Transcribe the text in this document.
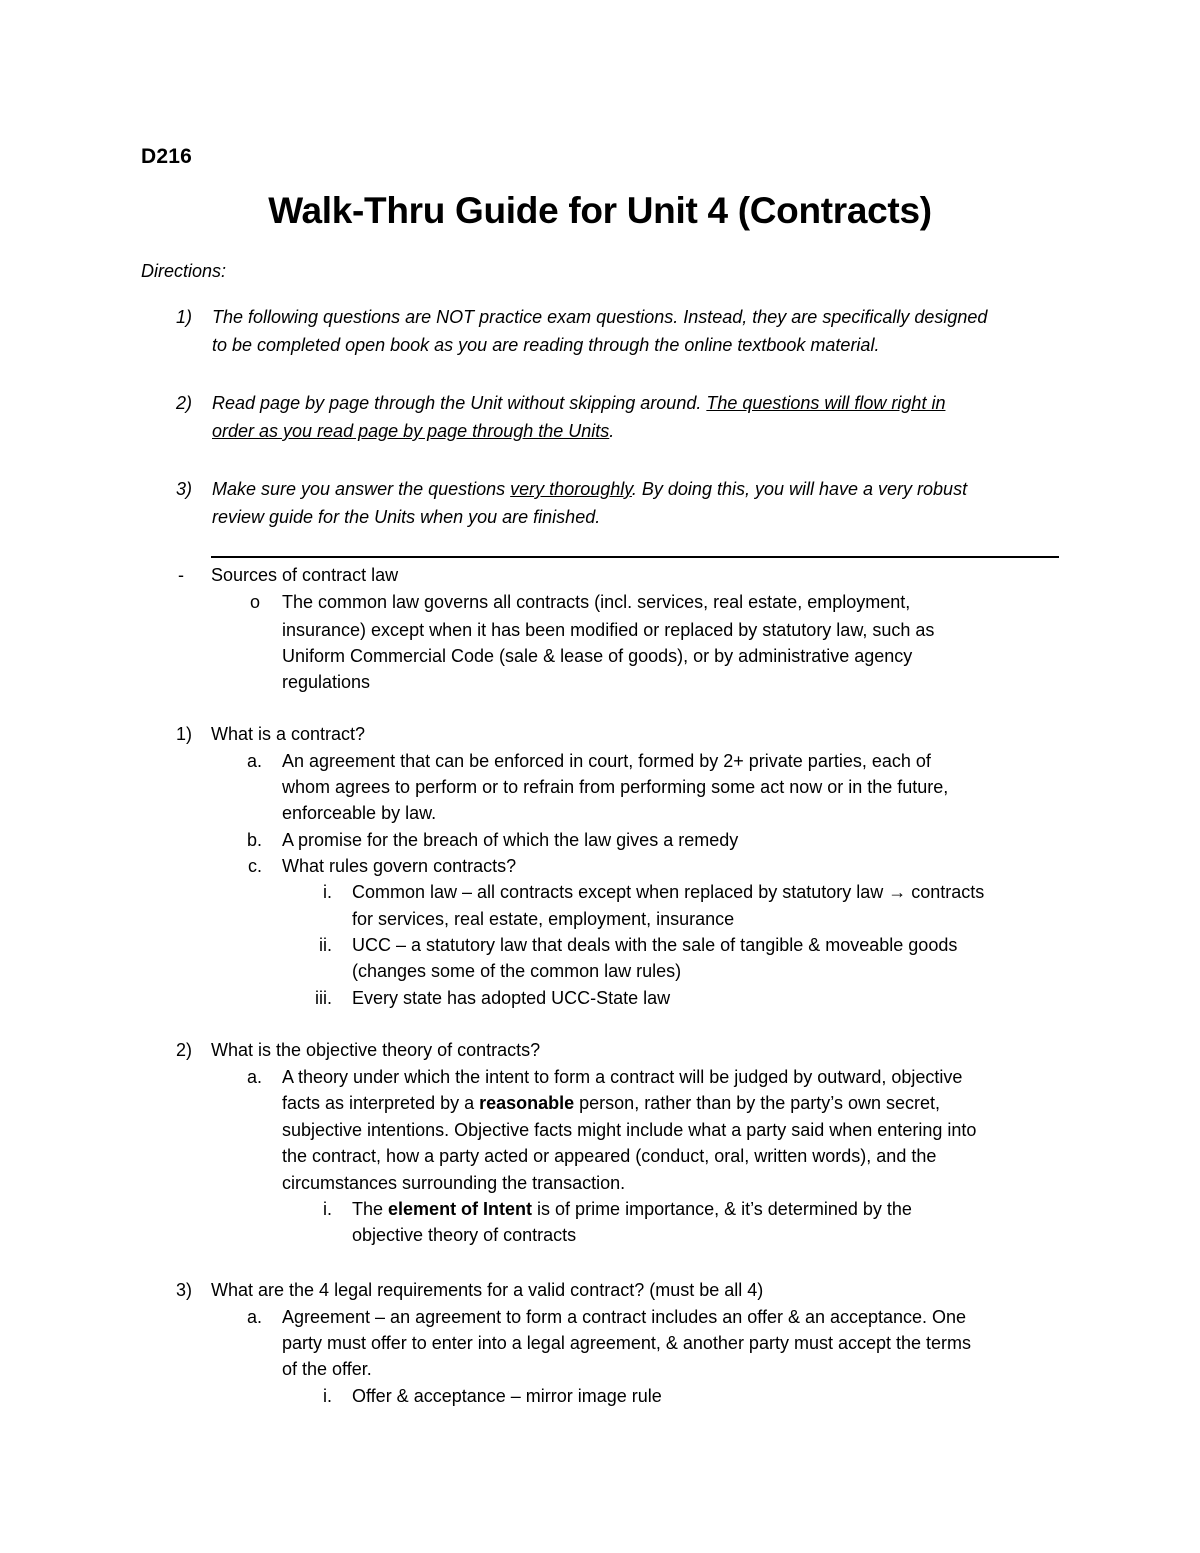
D216
Walk-Thru Guide for Unit 4 (Contracts)
Directions:
1) The following questions are NOT practice exam questions. Instead, they are specifically designed
to be completed open book as you are reading through the online textbook material.
2) Read page by page through the Unit without skipping around. The questions will flow right in
order as you read page by page through the Units.
3) Make sure you answer the questions very thoroughly. By doing this, you will have a very robust
review guide for the Units when you are finished.
- Sources of contract law
o The common law governs all contracts (incl. services, real estate, employment,
insurance) except when it has been modified or replaced by statutory law, such as
Uniform Commercial Code (sale & lease of goods), or by administrative agency
regulations
1) What is a contract?
a. An agreement that can be enforced in court, formed by 2+ private parties, each of
whom agrees to perform or to refrain from performing some act now or in the future,
enforceable by law.
b. A promise for the breach of which the law gives a remedy
c. What rules govern contracts?
i. Common law – all contracts except when replaced by statutory law → contracts
for services, real estate, employment, insurance
ii. UCC – a statutory law that deals with the sale of tangible & moveable goods
(changes some of the common law rules)
iii. Every state has adopted UCC-State law
2) What is the objective theory of contracts?
a. A theory under which the intent to form a contract will be judged by outward, objective
facts as interpreted by a reasonable person, rather than by the party’s own secret,
subjective intentions. Objective facts might include what a party said when entering into
the contract, how a party acted or appeared (conduct, oral, written words), and the
circumstances surrounding the transaction.
i. The element of Intent is of prime importance, & it’s determined by the
objective theory of contracts
3) What are the 4 legal requirements for a valid contract? (must be all 4)
a. Agreement – an agreement to form a contract includes an offer & an acceptance. One
party must offer to enter into a legal agreement, & another party must accept the terms
of the offer.
i. Offer & acceptance – mirror image rule
